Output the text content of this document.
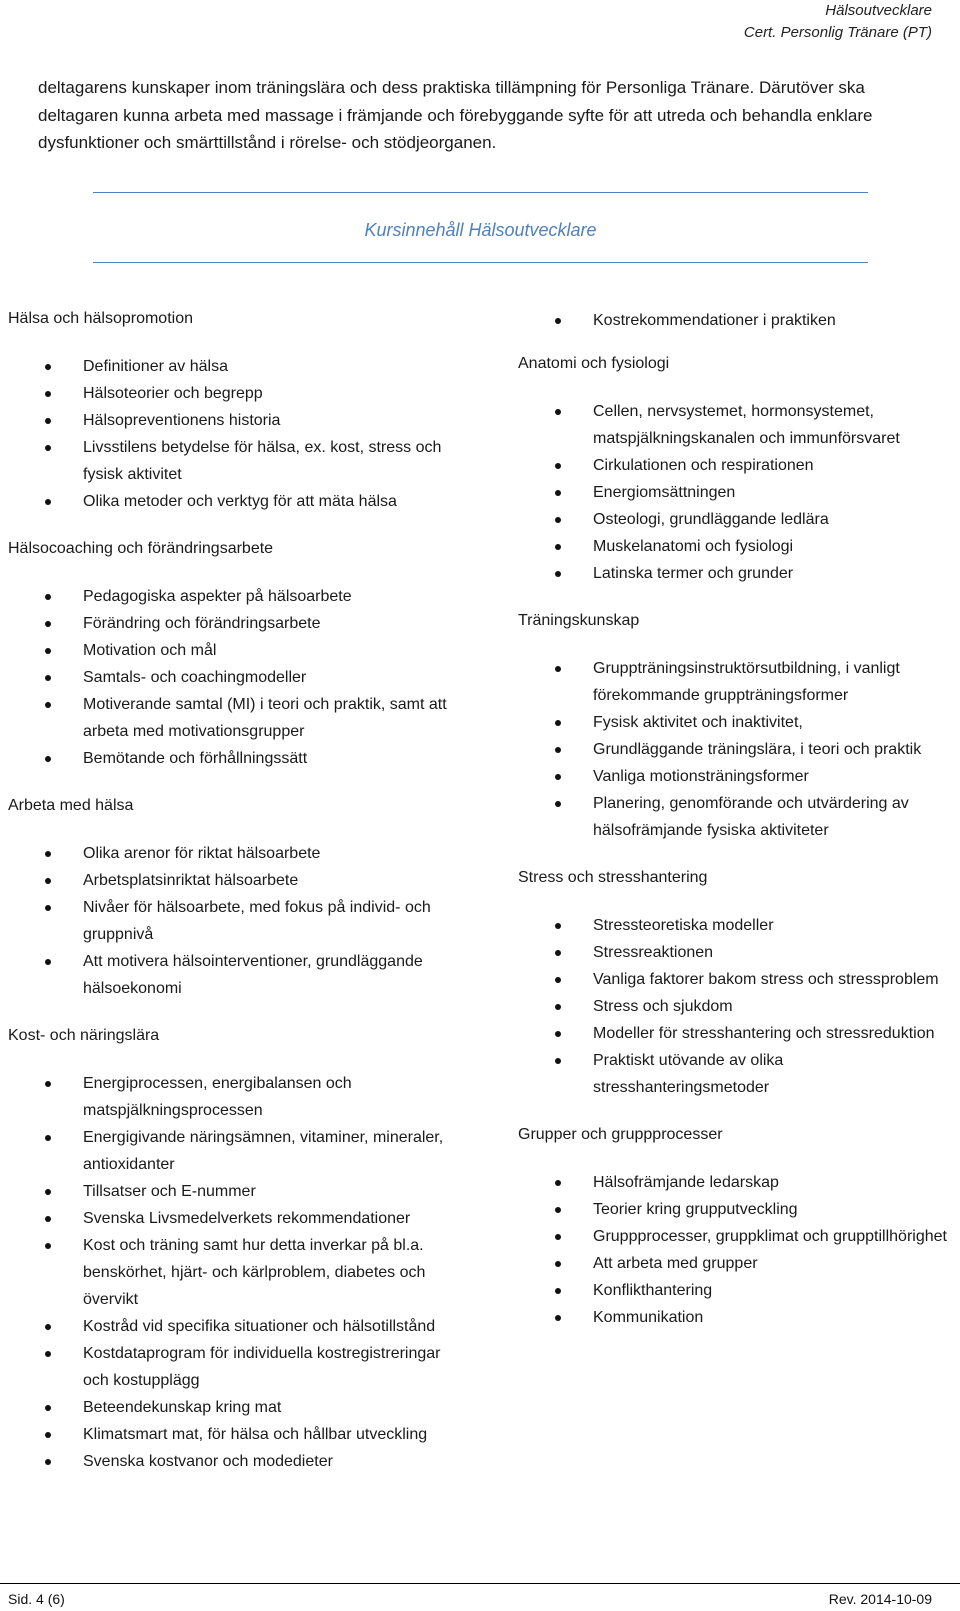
Hälsoutvecklare
Cert. Personlig Tränare (PT)
deltagarens kunskaper inom träningslära och dess praktiska tillämpning för Personliga Tränare. Därutöver ska deltagaren kunna arbeta med massage i främjande och förebyggande syfte för att utreda och behandla enklare dysfunktioner och smärttillstånd i rörelse- och stödjeorganen.
Kursinnehåll Hälsoutvecklare
Hälsa och hälsopromotion
Definitioner av hälsa
Hälsoteorier och begrepp
Hälsopreventionens historia
Livsstilens betydelse för hälsa, ex. kost, stress och fysisk aktivitet
Olika metoder och verktyg för att mäta hälsa
Hälsocoaching och förändringsarbete
Pedagogiska aspekter på hälsoarbete
Förändring och förändringsarbete
Motivation och mål
Samtals- och coachingmodeller
Motiverande samtal (MI) i teori och praktik, samt att arbeta med motivationsgrupper
Bemötande och förhållningssätt
Arbeta med hälsa
Olika arenor för riktat hälsoarbete
Arbetsplatsinriktat hälsoarbete
Nivåer för hälsoarbete, med fokus på individ- och gruppnivå
Att motivera hälsointerventioner, grundläggande hälsoekonomi
Kost- och näringslära
Energiprocessen, energibalansen och matspjälkningsprocessen
Energigivande näringsämnen, vitaminer, mineraler, antioxidanter
Tillsatser och E-nummer
Svenska Livsmedelverkets rekommendationer
Kost och träning samt hur detta inverkar på bl.a. benskörhet, hjärt- och kärlproblem, diabetes och övervikt
Kostråd vid specifika situationer och hälsotillstånd
Kostdataprogram för individuella kostregistreringar och kostupplägg
Beteendekunskap kring mat
Klimatsmart mat, för hälsa och hållbar utveckling
Svenska kostvanor och modedieter
Kostrekommendationer i praktiken
Anatomi och fysiologi
Cellen, nervsystemet, hormonsystemet, matspjälkningskanalen och immunförsvaret
Cirkulationen och respirationen
Energiomsättningen
Osteologi, grundläggande ledlära
Muskelanatomi och fysiologi
Latinska termer och grunder
Träningskunskap
Gruppträningsinstruktörsutbildning, i vanligt förekommande gruppträningsformer
Fysisk aktivitet och inaktivitet,
Grundläggande träningslära, i teori och praktik
Vanliga motionsträningsformer
Planering, genomförande och utvärdering av hälsofrämjande fysiska aktiviteter
Stress och stresshantering
Stressteoretiska modeller
Stressreaktionen
Vanliga faktorer bakom stress och stressproblem
Stress och sjukdom
Modeller för stresshantering och stressreduktion
Praktiskt utövande av olika stresshanteringsmetoder
Grupper och gruppprocesser
Hälsofrämjande ledarskap
Teorier kring grupputveckling
Gruppprocesser, gruppklimat och grupptillhörighet
Att arbeta med grupper
Konflikthantering
Kommunikation
Sid. 4 (6)	Rev. 2014-10-09
